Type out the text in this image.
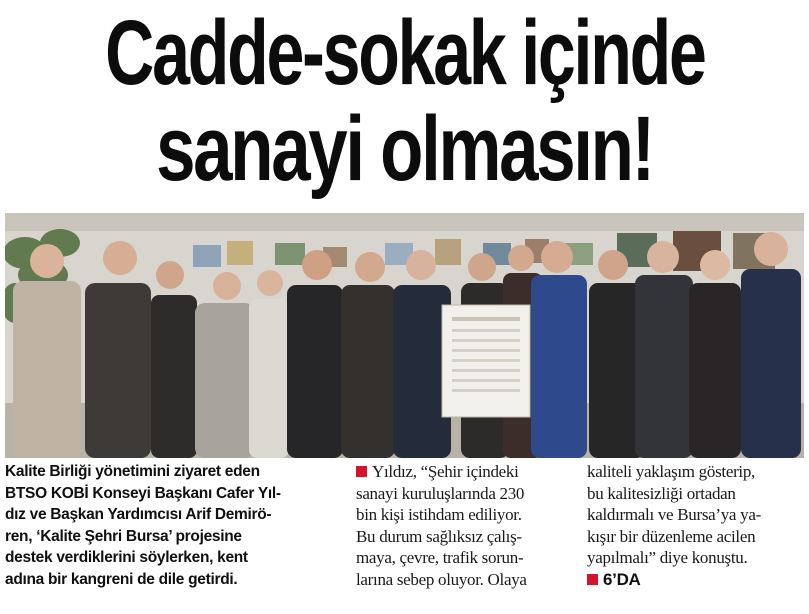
Cadde-sokak içinde
sanayi olmasın!
Kalite Birliği yönetimini ziyaret eden
BTSO KOBİ Konseyi Başkanı Cafer Yıl-
dız ve Başkan Yardımcısı Arif Demirö-
ren, ‘Kalite Şehri Bursa’ projesine
destek verdiklerini söylerken, kent
adına bir kangreni de dile getirdi.
Yıldız, “Şehir içindeki
sanayi kuruluşlarında 230
bin kişi istihdam ediliyor.
Bu durum sağlıksız çalış-
maya, çevre, trafik sorun-
larına sebep oluyor. Olaya
kaliteli yaklaşım gösterip,
bu kalitesizliği ortadan
kaldırmalı ve Bursa’ya ya-
kışır bir düzenleme acilen
yapılmalı” diye konuştu.
6’DA
